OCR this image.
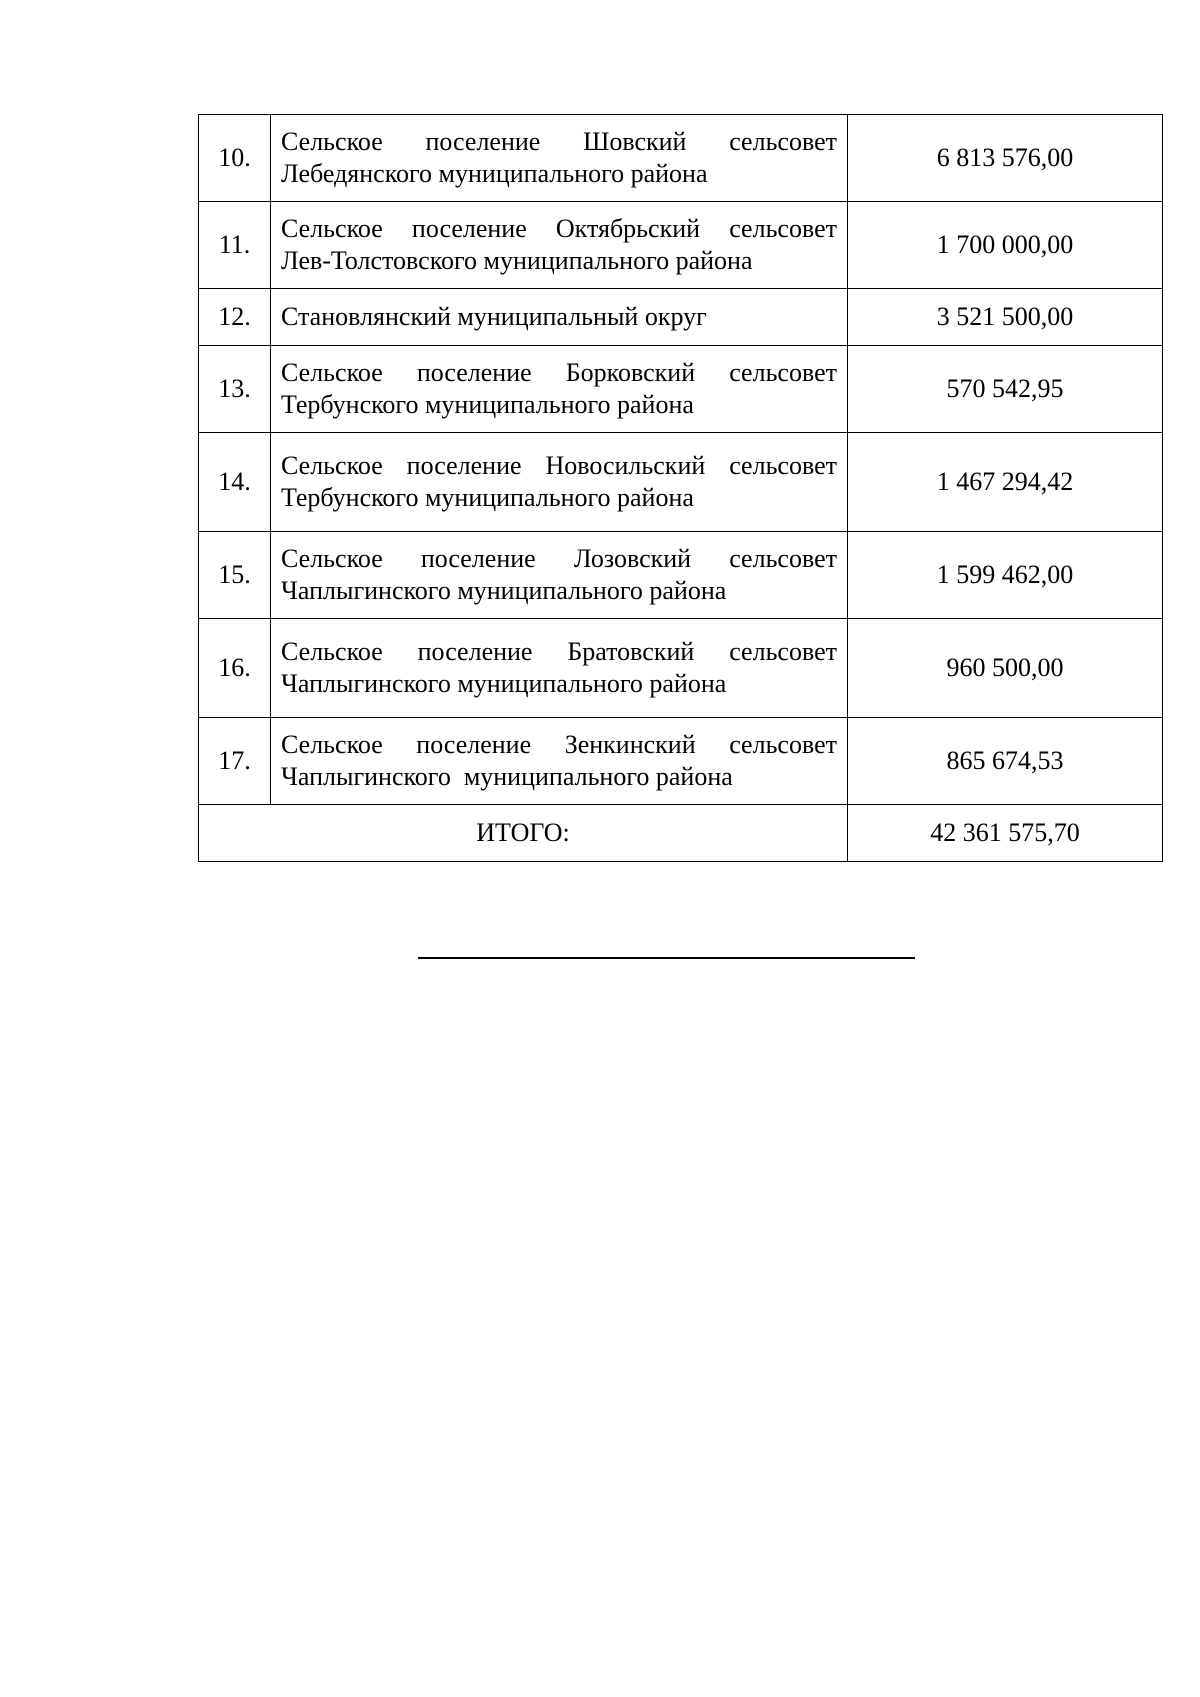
10.	Сельское поселение Шовский сельсовет
Лебедянского муниципального района	6 813 576,00
11.	Сельское поселение Октябрьский сельсовет
Лев-Толстовского муниципального района	1 700 000,00
12.	Становлянский муниципальный округ	3 521 500,00
13.	Сельское поселение Борковский сельсовет
Тербунского муниципального района	570 542,95
14.	Сельское поселение Новосильский сельсовет
Тербунского муниципального района	1 467 294,42
15.	Сельское поселение Лозовский сельсовет
Чаплыгинского муниципального района	1 599 462,00
16.	Сельское поселение Братовский сельсовет
Чаплыгинского муниципального района	960 500,00
17.	Сельское поселение Зенкинский сельсовет
Чаплыгинского  муниципального района	865 674,53
ИТОГО:		42 361 575,70
